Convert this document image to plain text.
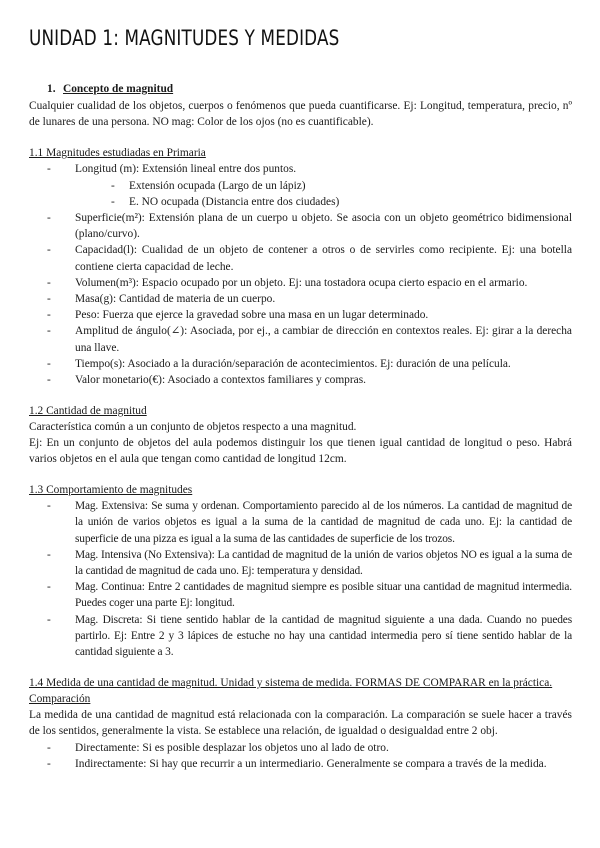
UNIDAD 1: MAGNITUDES Y MEDIDAS
1. Concepto de magnitud

Cualquier cualidad de los objetos, cuerpos o fenómenos que pueda cuantificarse. Ej: Longitud, temperatura, precio, nº de lunares de una persona. NO mag: Color de los ojos (no es cuantificable).

1.1 Magnitudes estudiadas en Primaria
- Longitud (m): Extensión lineal entre dos puntos.
- Extensión ocupada (Largo de un lápiz)
- E. NO ocupada (Distancia entre dos ciudades)
- Superficie(m²): Extensión plana de un cuerpo u objeto. Se asocia con un objeto geométrico bidimensional (plano/curvo).
- Capacidad(l): Cualidad de un objeto de contener a otros o de servirles como recipiente. Ej: una botella contiene cierta capacidad de leche.
- Volumen(m³): Espacio ocupado por un objeto. Ej: una tostadora ocupa cierto espacio en el armario.
- Masa(g): Cantidad de materia de un cuerpo.
- Peso: Fuerza que ejerce la gravedad sobre una masa en un lugar determinado.
- Amplitud de ángulo(∠): Asociada, por ej., a cambiar de dirección en contextos reales. Ej: girar a la derecha una llave.
- Tiempo(s): Asociado a la duración/separación de acontecimientos. Ej: duración de una película.
- Valor monetario(€): Asociado a contextos familiares y compras.
1.2 Cantidad de magnitud

Característica común a un conjunto de objetos respecto a una magnitud.

Ej: En un conjunto de objetos del aula podemos distinguir los que tienen igual cantidad de longitud o peso. Habrá varios objetos en el aula que tengan como cantidad de longitud 12cm.

1.3 Comportamiento de magnitudes
- Mag. Extensiva: Se suma y ordenan. Comportamiento parecido al de los números. La cantidad de magnitud de la unión de varios objetos es igual a la suma de la cantidad de magnitud de cada uno. Ej: la cantidad de superficie de una pizza es igual a la suma de las cantidades de superficie de los trozos.
- Mag. Intensiva (No Extensiva): La cantidad de magnitud de la unión de varios objetos NO es igual a la suma de la cantidad de magnitud de cada uno. Ej: temperatura y densidad.
- Mag. Continua: Entre 2 cantidades de magnitud siempre es posible situar una cantidad de magnitud intermedia. Puedes coger una parte Ej: longitud.
- Mag. Discreta: Si tiene sentido hablar de la cantidad de magnitud siguiente a una dada. Cuando no puedes partirlo. Ej: Entre 2 y 3 lápices de estuche no hay una cantidad intermedia pero sí tiene sentido hablar de la cantidad siguiente a 3.
1.4 Medida de una cantidad de magnitud. Unidad y sistema de medida. FORMAS DE COMPARAR en la práctica. Comparación

La medida de una cantidad de magnitud está relacionada con la comparación. La comparación se suele hacer a través de los sentidos, generalmente la vista. Se establece una relación, de igualdad o desigualdad entre 2 obj.

- Directamente: Si es posible desplazar los objetos uno al lado de otro.
- Indirectamente: Si hay que recurrir a un intermediario. Generalmente se compara a través de la medida.
